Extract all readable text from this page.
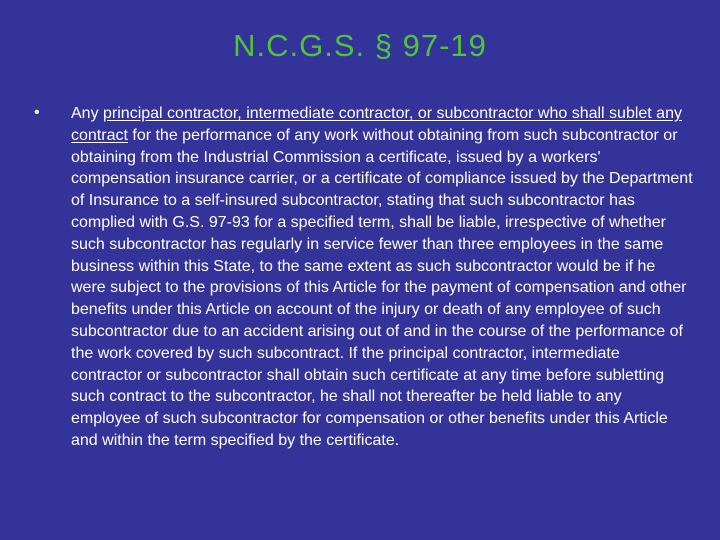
N.C.G.S. § 97-19
• Any principal contractor, intermediate contractor, or subcontractor who shall sublet any contract for the performance of any work without obtaining from such subcontractor or obtaining from the Industrial Commission a certificate, issued by a workers' compensation insurance carrier, or a certificate of compliance issued by the Department of Insurance to a self-insured subcontractor, stating that such subcontractor has complied with G.S. 97-93 for a specified term, shall be liable, irrespective of whether such subcontractor has regularly in service fewer than three employees in the same business within this State, to the same extent as such subcontractor would be if he were subject to the provisions of this Article for the payment of compensation and other benefits under this Article on account of the injury or death of any employee of such subcontractor due to an accident arising out of and in the course of the performance of the work covered by such subcontract. If the principal contractor, intermediate contractor or subcontractor shall obtain such certificate at any time before subletting such contract to the subcontractor, he shall not thereafter be held liable to any employee of such subcontractor for compensation or other benefits under this Article and within the term specified by the certificate.
